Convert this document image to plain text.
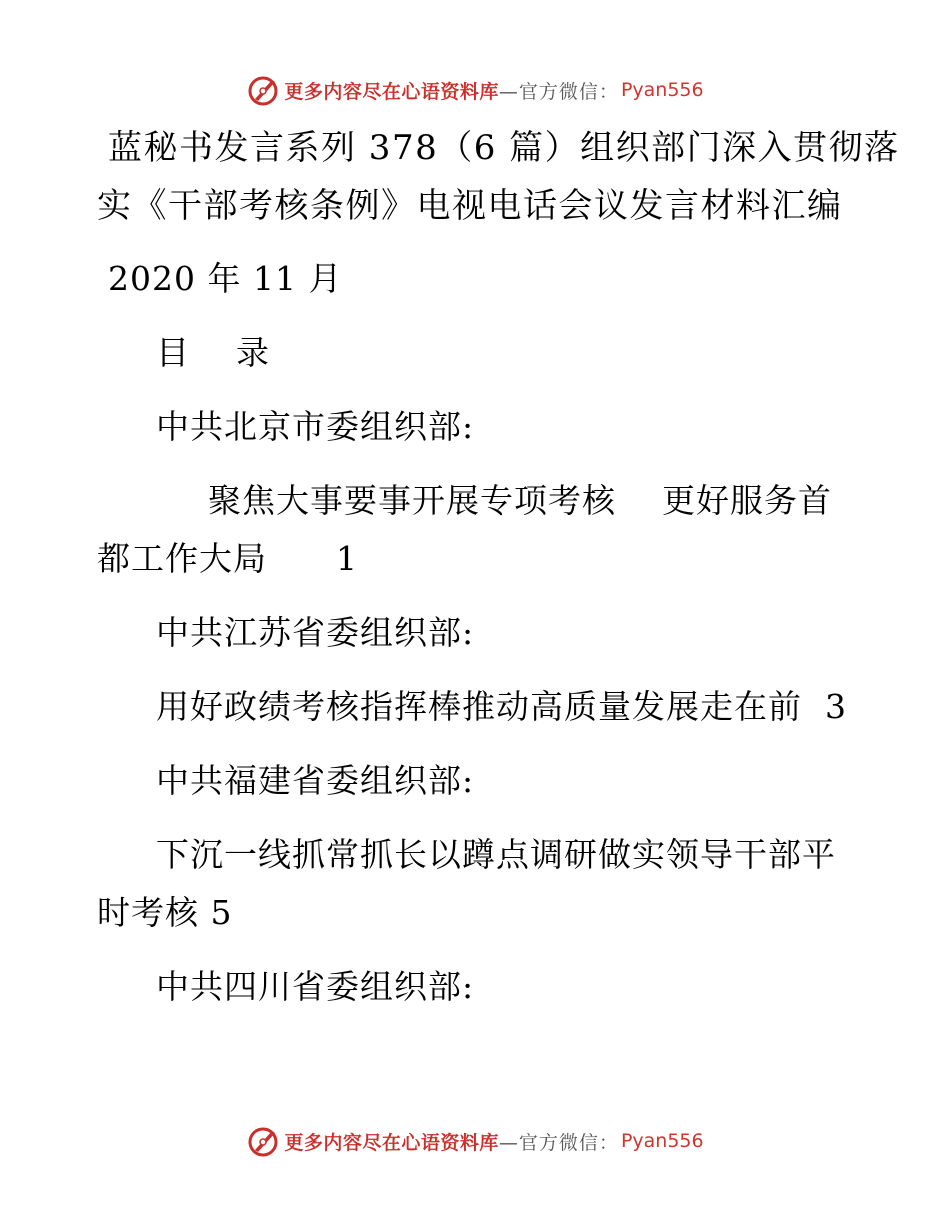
更多内容尽在心语资料库 —官方微信： Pyan556
蓝秘书发言系列 378（6 篇）组织部门深入贯彻落
实《干部考核条例》电视电话会议发言材料汇编
2020 年 11 月
目    录
中共北京市委组织部:
聚焦大事要事开展专项考核    更好服务首
都工作大局      1
中共江苏省委组织部:
用好政绩考核指挥棒推动高质量发展走在前  3
中共福建省委组织部:
下沉一线抓常抓长以蹲点调研做实领导干部平
时考核 5
中共四川省委组织部:
更多内容尽在心语资料库 —官方微信： Pyan556
